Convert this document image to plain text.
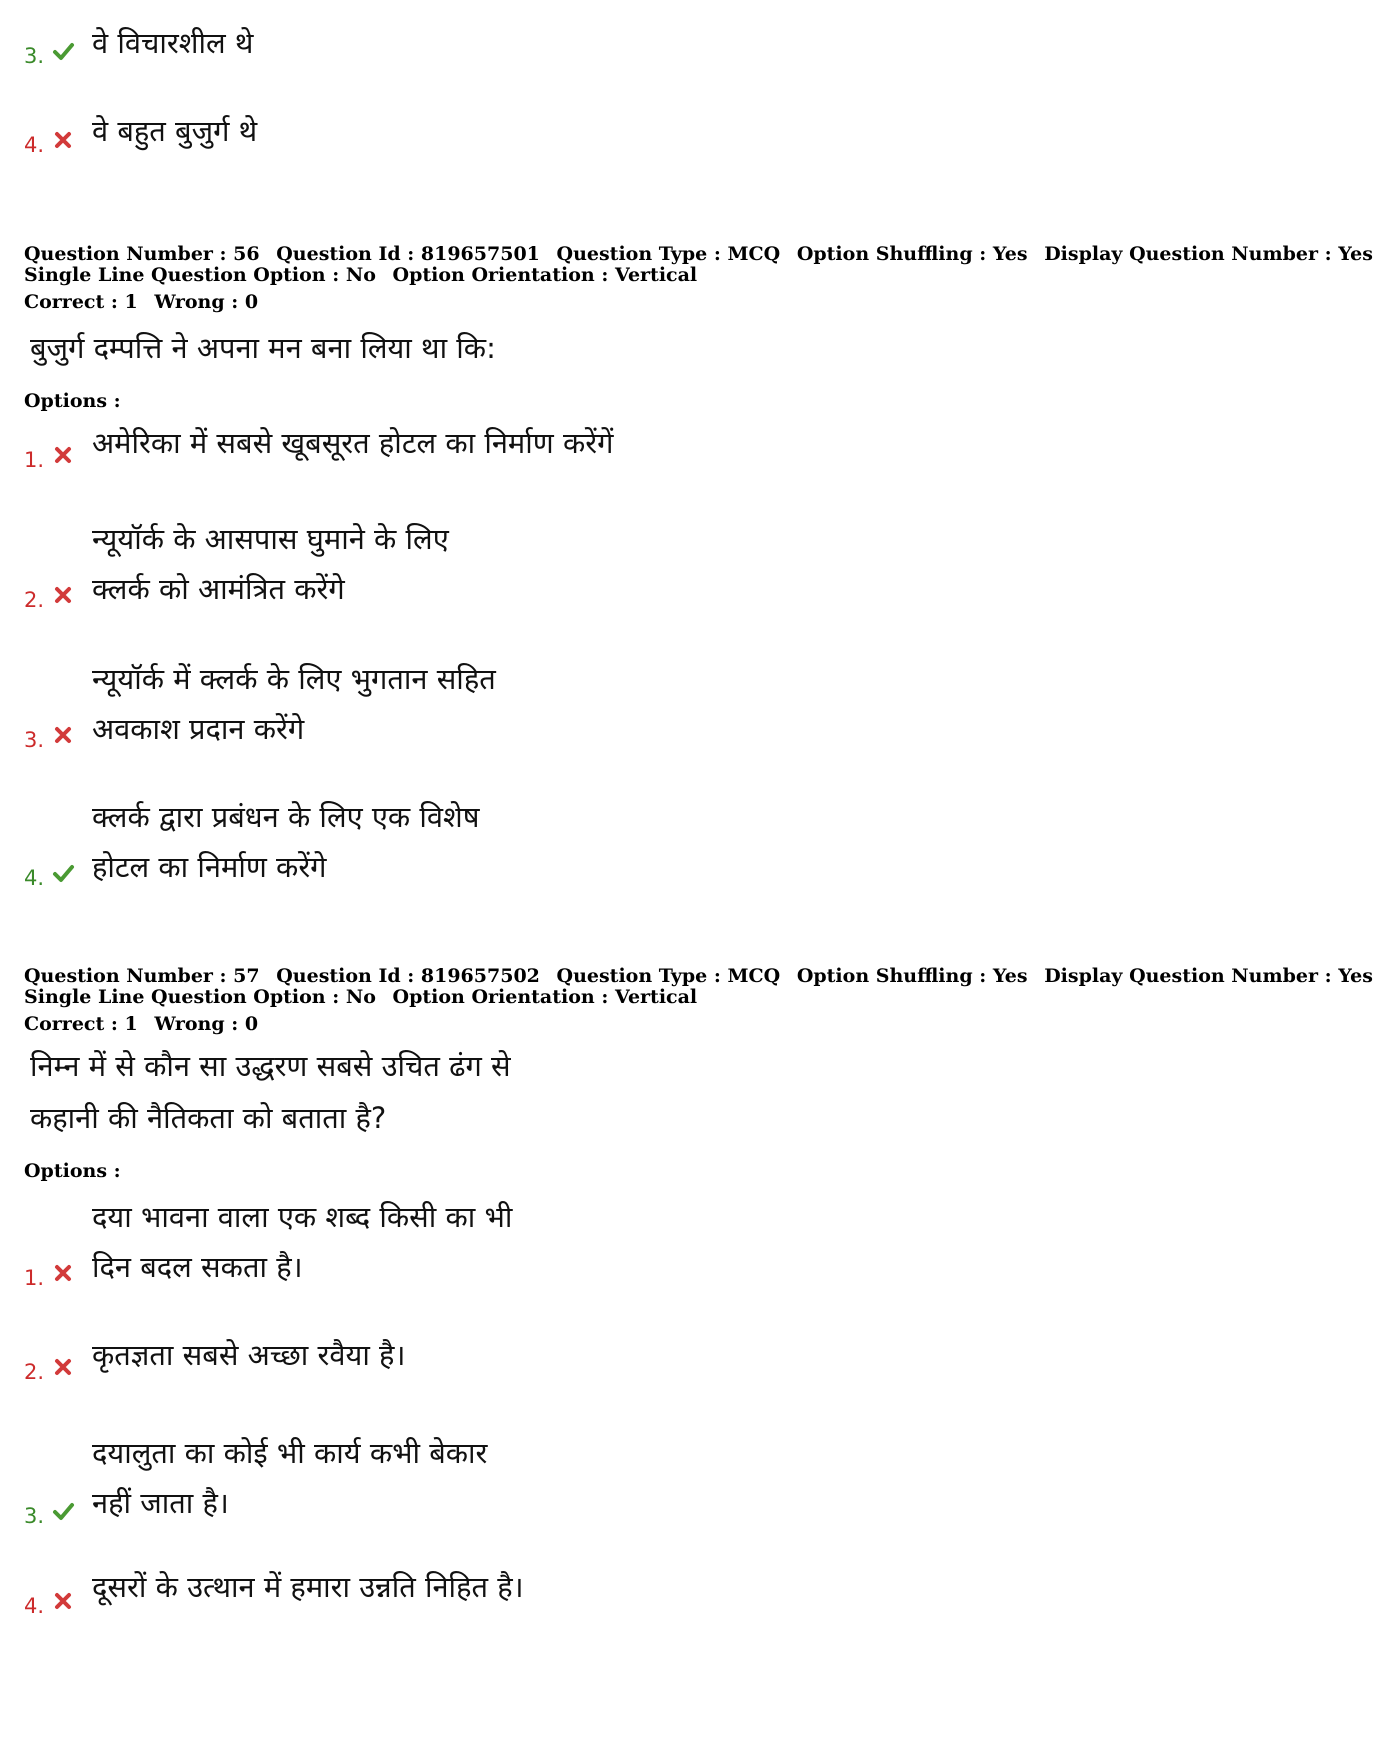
3. वे विचारशील थे
4. वे बहुत बुजुर्ग थे
Question Number : 56 Question Id : 819657501 Question Type : MCQ Option Shuffling : Yes Display Question Number : Yes
Single Line Question Option : No Option Orientation : Vertical
Correct : 1 Wrong : 0
बुजुर्ग दम्पत्ति ने अपना मन बना लिया था कि:
Options :
1. अमेरिका में सबसे खूबसूरत होटल का निर्माण करेंगें
2.
न्यूयॉर्क के आसपास घुमाने के लिए
क्लर्क को आमंत्रित करेंगे
3.
न्यूयॉर्क में क्लर्क के लिए भुगतान सहित
अवकाश प्रदान करेंगे
4.
क्लर्क द्वारा प्रबंधन के लिए एक विशेष
होटल का निर्माण करेंगे
Question Number : 57 Question Id : 819657502 Question Type : MCQ Option Shuffling : Yes Display Question Number : Yes
Single Line Question Option : No Option Orientation : Vertical
Correct : 1 Wrong : 0
निम्न में से कौन सा उद्धरण सबसे उचित ढंग से
कहानी की नैतिकता को बताता है?
Options :
1.
दया भावना वाला एक शब्द किसी का भी
दिन बदल सकता है।
2. कृतज्ञता सबसे अच्छा रवैया है।
3.
दयालुता का कोई भी कार्य कभी बेकार
नहीं जाता है।
4.
दूसरों के उत्थान में हमारा उन्नति निहित है।
